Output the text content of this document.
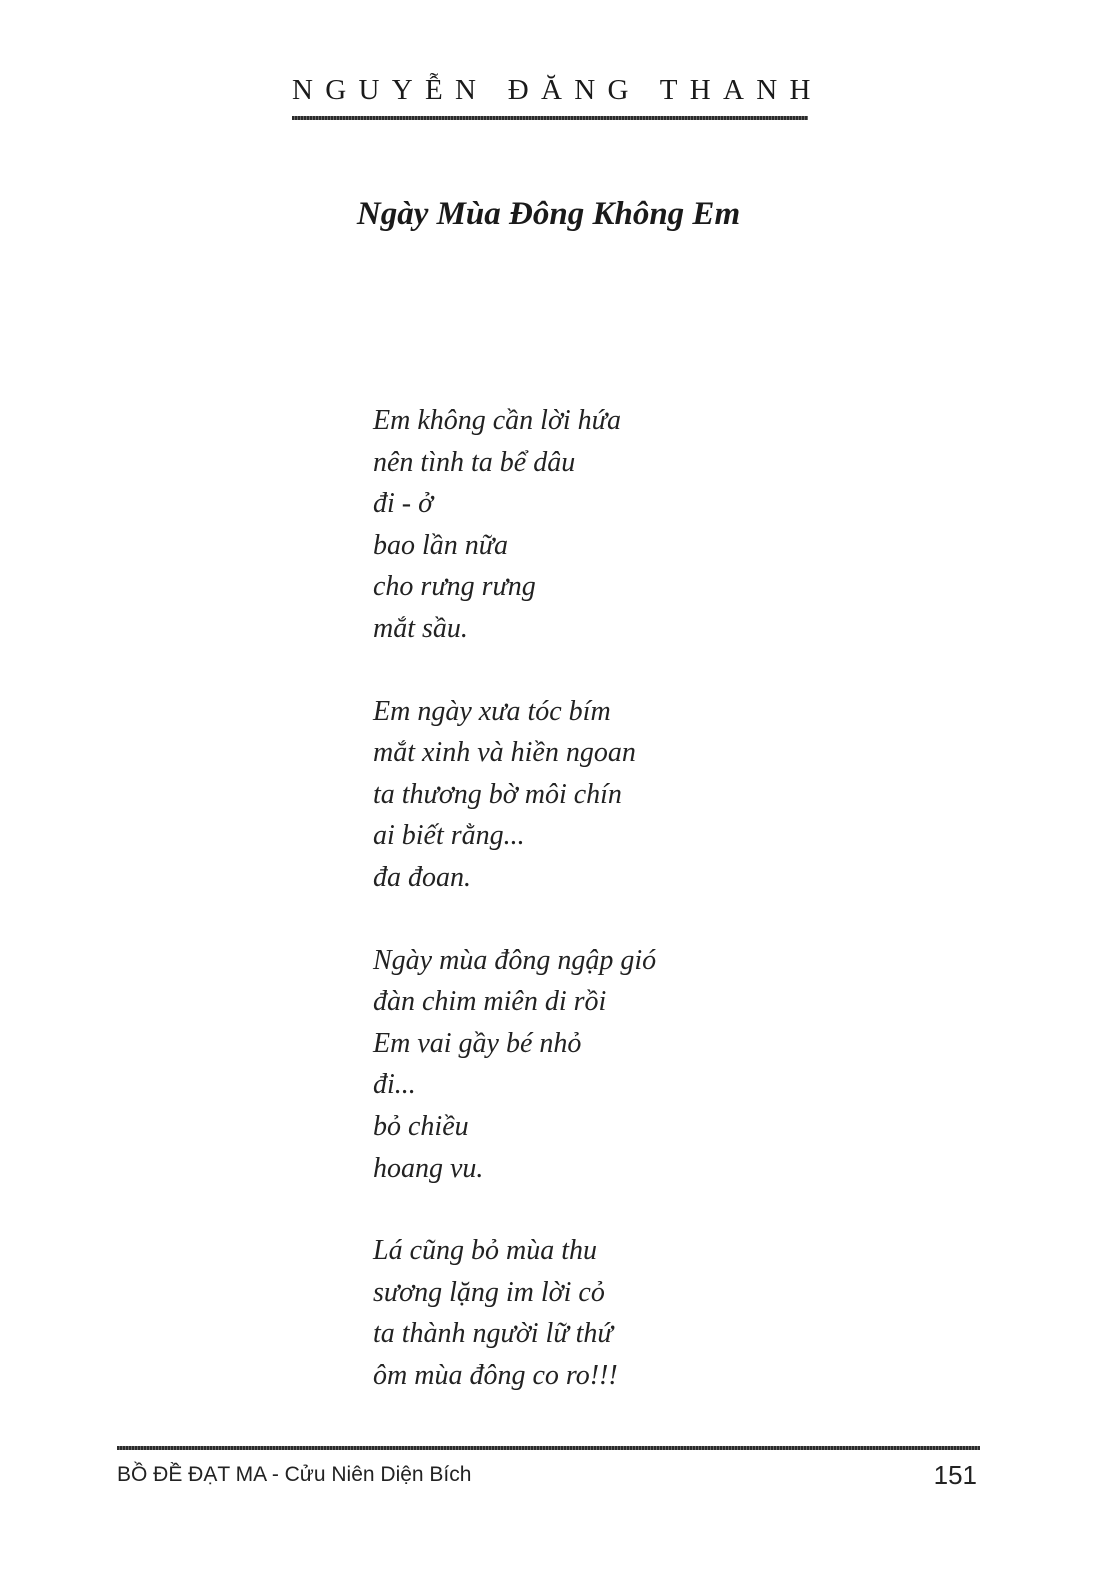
NGUYỄN ĐĂNG THANH
Ngày Mùa Đông Không Em
Em không cần lời hứa
nên tình ta bể dâu
đi - ở
bao lần nữa
cho rưng rưng
mắt sầu.
Em ngày xưa tóc bím
mắt xinh và hiền ngoan
ta thương bờ môi chín
ai biết rằng...
đa đoan.
Ngày mùa đông ngập gió
đàn chim miên di rồi
Em vai gầy bé nhỏ
đi...
bỏ chiều
hoang vu.
Lá cũng bỏ mùa thu
sương lặng im lời cỏ
ta thành người lữ thứ
ôm mùa đông co ro!!!
BỒ ĐỀ ĐẠT MA - Cửu Niên Diện Bích	151
